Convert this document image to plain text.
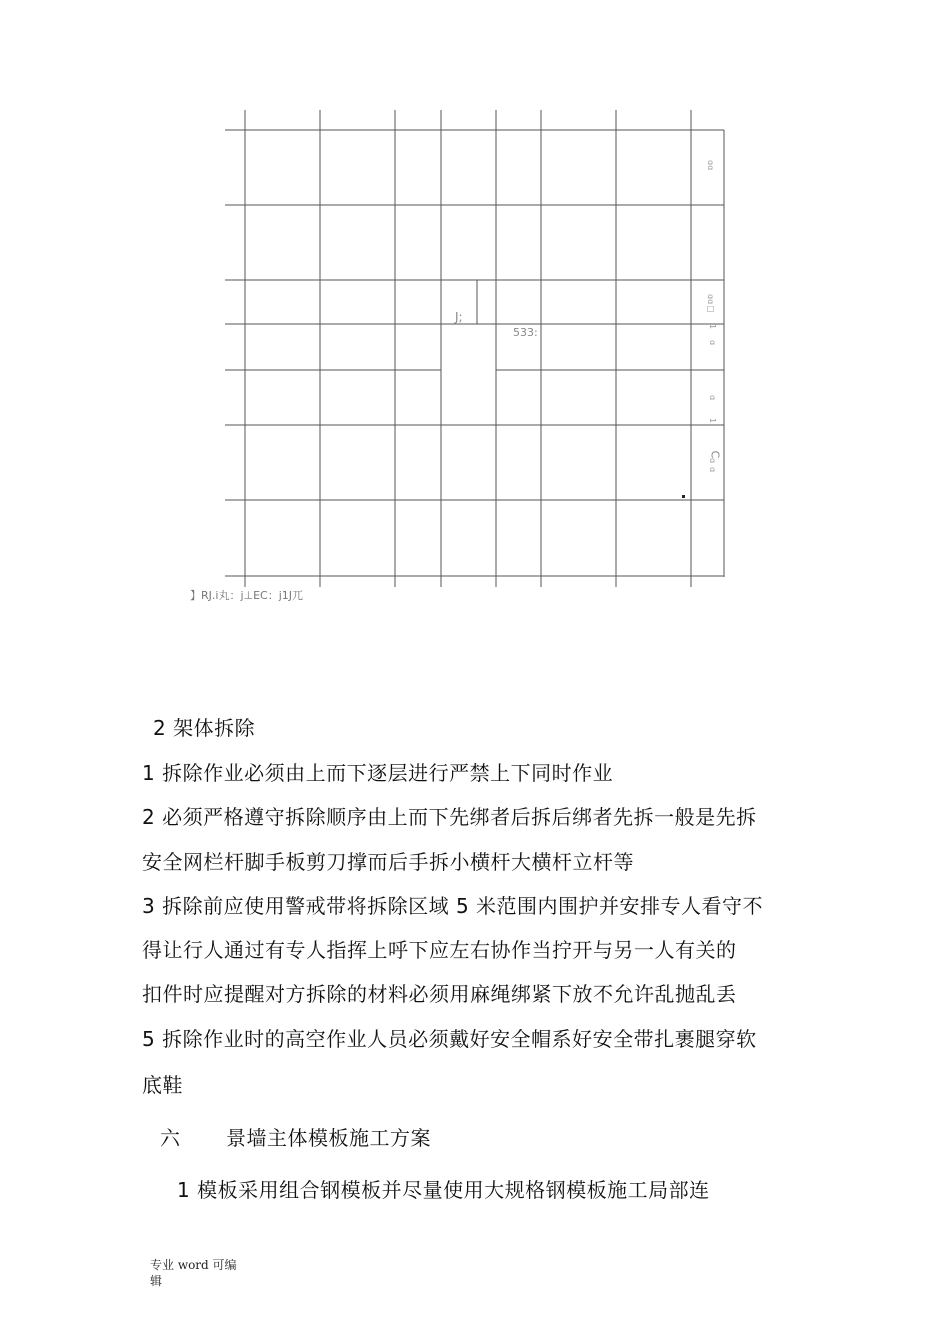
J;
533:
ɑɑ
ɑɑ□
1
ɑ
ɑ
1
C
ɑ
ɑ
】RJ.i丸：j⊥EC：j1J兀
2 架体拆除
1 拆除作业必须由上而下逐层进行严禁上下同时作业
2 必须严格遵守拆除顺序由上而下先绑者后拆后绑者先拆一般是先拆
安全网栏杆脚手板剪刀撑而后手拆小横杆大横杆立杆等
3 拆除前应使用警戒带将拆除区域 5 米范围内围护并安排专人看守不
得让行人通过有专人指挥上呼下应左右协作当拧开与另一人有关的
扣件时应提醒对方拆除的材料必须用麻绳绑紧下放不允许乱抛乱丢
5 拆除作业时的高空作业人员必须戴好安全帽系好安全带扎裹腿穿软
底鞋
六 景墙主体模板施工方案
1 模板采用组合钢模板并尽量使用大规格钢模板施工局部连
专业 word 可编
辑
